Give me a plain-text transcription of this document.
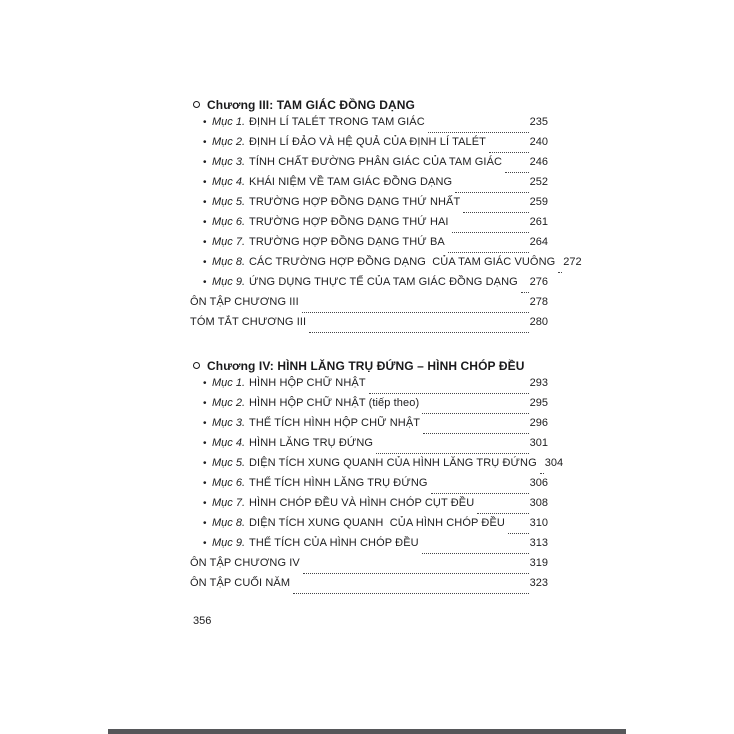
Chương III: TAM GIÁC ĐỒNG DẠNG
• Mục 1. ĐỊNH LÍ TALÉT TRONG TAM GIÁC	235
• Mục 2. ĐỊNH LÍ ĐẢO VÀ HỆ QUẢ CỦA ĐỊNH LÍ TALÉT	240
• Mục 3. TÍNH CHẤT ĐƯỜNG PHÂN GIÁC CỦA TAM GIÁC	246
• Mục 4. KHÁI NIỆM VỀ TAM GIÁC ĐỒNG DẠNG	252
• Mục 5. TRƯỜNG HỢP ĐỒNG DẠNG THỨ NHẤT	259
• Mục 6. TRƯỜNG HỢP ĐỒNG DẠNG THỨ HAI	261
• Mục 7. TRƯỜNG HỢP ĐỒNG DẠNG THỨ BA	264
• Mục 8. CÁC TRƯỜNG HỢP ĐỒNG DẠNG  CỦA TAM GIÁC VUÔNG 272
• Mục 9. ỨNG DỤNG THỰC TẾ CỦA TAM GIÁC ĐỒNG DẠNG 276
ÔN TẬP CHƯƠNG III	278
TÓM TẮT CHƯƠNG III	280
Chương IV: HÌNH LĂNG TRỤ ĐỨNG – HÌNH CHÓP ĐỀU
• Mục 1. HÌNH HỘP CHỮ NHẬT	293
• Mục 2. HÌNH HỘP CHỮ NHẬT (tiếp theo)	295
• Mục 3. THỂ TÍCH HÌNH HỘP CHỮ NHẬT	296
• Mục 4. HÌNH LĂNG TRỤ ĐỨNG	301
• Mục 5. DIỆN TÍCH XUNG QUANH CỦA HÌNH LĂNG TRỤ ĐỨNG 304
• Mục 6. THỂ TÍCH HÌNH LĂNG TRỤ ĐỨNG	306
• Mục 7. HÌNH CHÓP ĐỀU VÀ HÌNH CHÓP CỤT ĐỀU	308
• Mục 8. DIỆN TÍCH XUNG QUANH  CỦA HÌNH CHÓP ĐỀU 310
• Mục 9. THỂ TÍCH CỦA HÌNH CHÓP ĐỀU	313
ÔN TẬP CHƯƠNG IV	319
ÔN TẬP CUỐI NĂM	323
356
